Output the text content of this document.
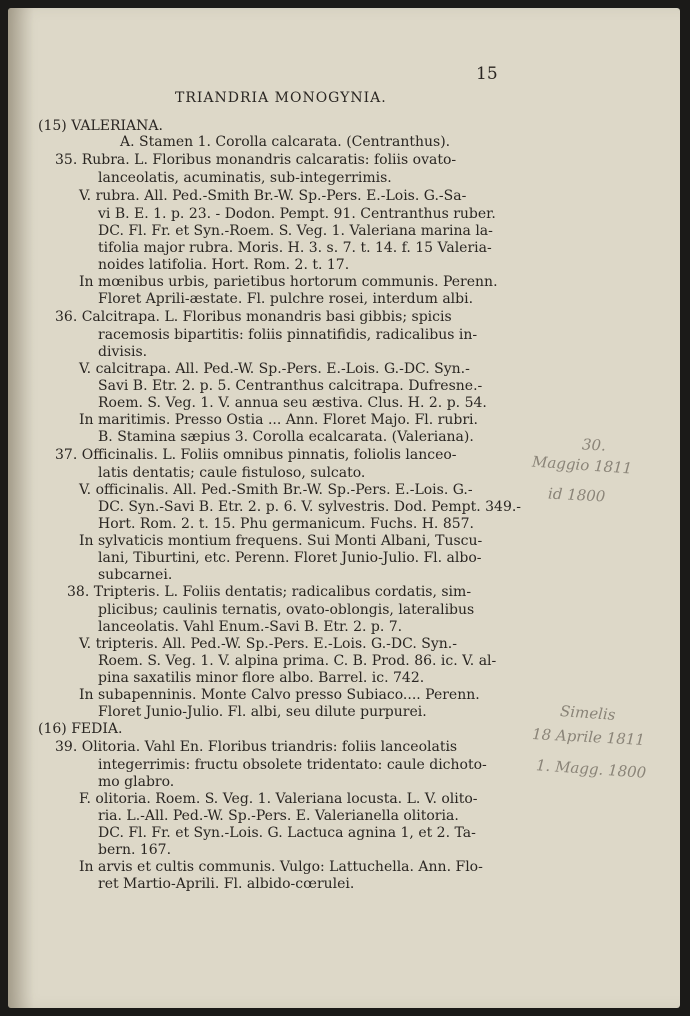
15
TRIANDRIA MONOGYNIA.
(15) VALERIANA.
A. Stamen 1. Corolla calcarata. (Centranthus).
35. Rubra. L. Floribus monandris calcaratis: foliis ovato-
lanceolatis, acuminatis, sub-integerrimis.
V. rubra. All. Ped.-Smith Br.-W. Sp.-Pers. E.-Lois. G.-Sa-
vi B. E. 1. p. 23. - Dodon. Pempt. 91. Centranthus ruber.
DC. Fl. Fr. et Syn.-Roem. S. Veg. 1. Valeriana marina la-
tifolia major rubra. Moris. H. 3. s. 7. t. 14. f. 15 Valeria-
noides latifolia. Hort. Rom. 2. t. 17.
In mœnibus urbis, parietibus hortorum communis. Perenn.
Floret Aprili-æstate. Fl. pulchre rosei, interdum albi.
36. Calcitrapa. L. Floribus monandris basi gibbis; spicis
racemosis bipartitis: foliis pinnatifidis, radicalibus in-
divisis.
V. calcitrapa. All. Ped.-W. Sp.-Pers. E.-Lois. G.-DC. Syn.-
Savi B. Etr. 2. p. 5. Centranthus calcitrapa. Dufresne.-
Roem. S. Veg. 1. V. annua seu æstiva. Clus. H. 2. p. 54.
In maritimis. Presso Ostia ... Ann. Floret Majo. Fl. rubri.
B. Stamina sæpius 3. Corolla ecalcarata. (Valeriana).
37. Officinalis. L. Foliis omnibus pinnatis, foliolis lanceo-
latis dentatis; caule fistuloso, sulcato.
V. officinalis. All. Ped.-Smith Br.-W. Sp.-Pers. E.-Lois. G.-
DC. Syn.-Savi B. Etr. 2. p. 6. V. sylvestris. Dod. Pempt. 349.-
Hort. Rom. 2. t. 15. Phu germanicum. Fuchs. H. 857.
In sylvaticis montium frequens. Sui Monti Albani, Tuscu-
lani, Tiburtini, etc. Perenn. Floret Junio-Julio. Fl. albo-
subcarnei.
38. Tripteris. L. Foliis dentatis; radicalibus cordatis, sim-
plicibus; caulinis ternatis, ovato-oblongis, lateralibus
lanceolatis. Vahl Enum.-Savi B. Etr. 2. p. 7.
V. tripteris. All. Ped.-W. Sp.-Pers. E.-Lois. G.-DC. Syn.-
Roem. S. Veg. 1. V. alpina prima. C. B. Prod. 86. ic. V. al-
pina saxatilis minor flore albo. Barrel. ic. 742.
In subapenninis. Monte Calvo presso Subiaco.... Perenn.
Floret Junio-Julio. Fl. albi, seu dilute purpurei.
(16) FEDIA.
39. Olitoria. Vahl En. Floribus triandris: foliis lanceolatis
integerrimis: fructu obsolete tridentato: caule dichoto-
mo glabro.
F. olitoria. Roem. S. Veg. 1. Valeriana locusta. L. V. olito-
ria. L.-All. Ped.-W. Sp.-Pers. E. Valerianella olitoria.
DC. Fl. Fr. et Syn.-Lois. G. Lactuca agnina 1, et 2. Ta-
bern. 167.
In arvis et cultis communis. Vulgo: Lattuchella. Ann. Flo-
ret Martio-Aprili. Fl. albido-cœrulei.
30.
Maggio 1811
id 1800
Simelis
18 Aprile 1811
1. Magg. 1800
